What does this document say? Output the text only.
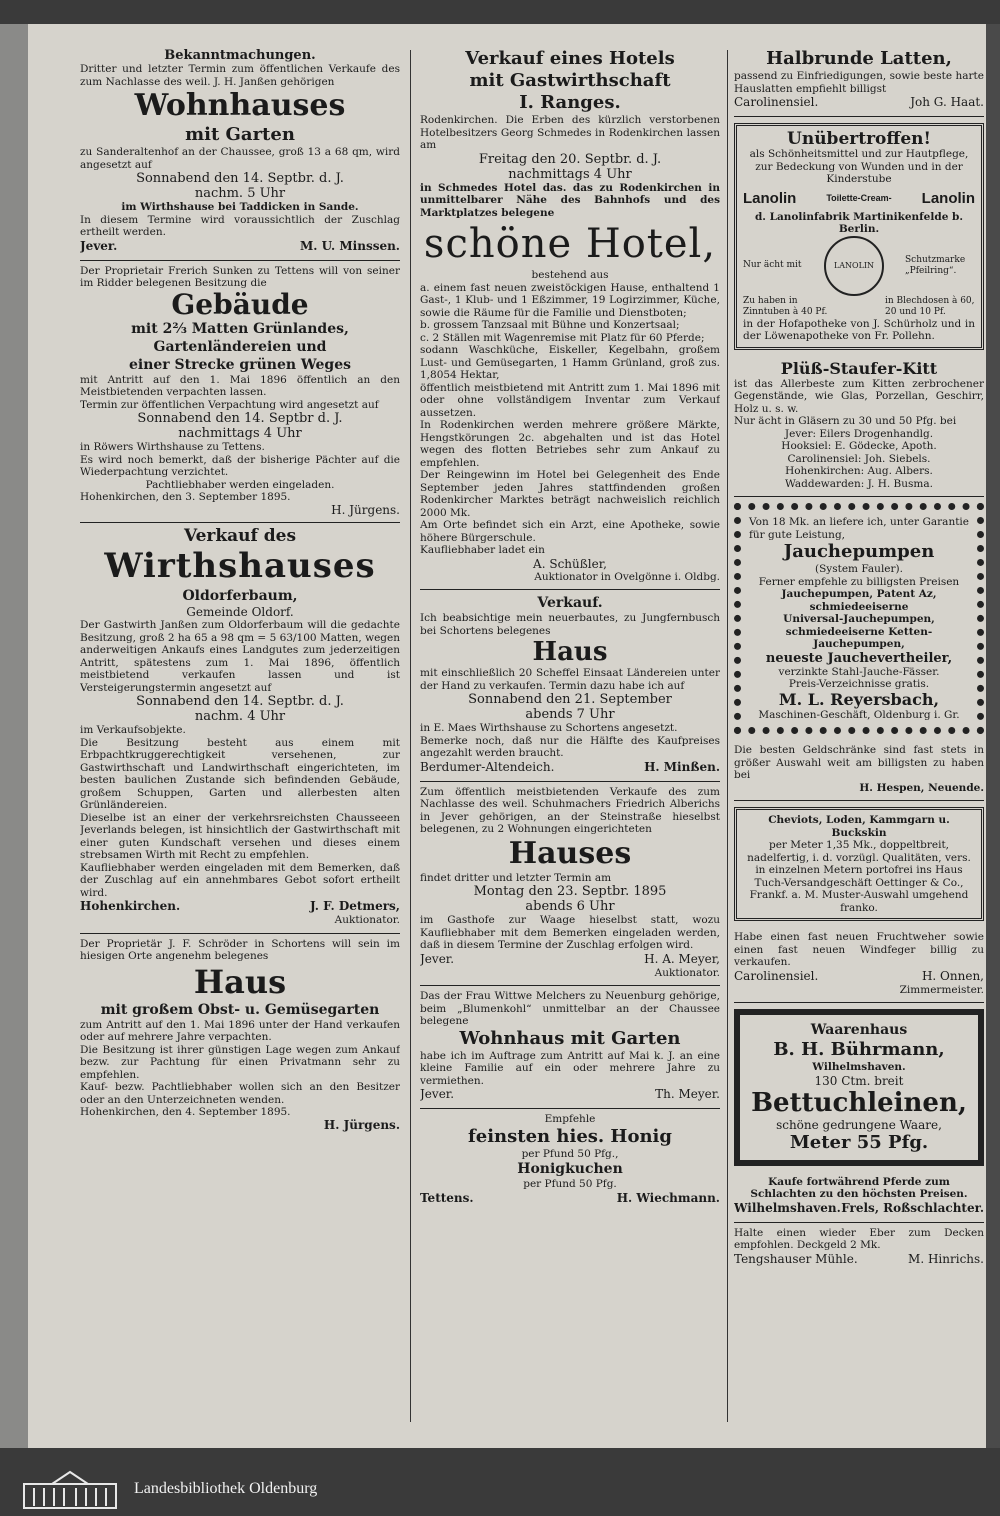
Bekanntmachungen.
Dritter und letzter Termin zum öffentlichen Verkaufe des zum Nachlasse des weil. J. H. Janßen gehörigen
Wohnhauses
mit Garten
zu Sanderaltenhof an der Chaussee, groß 13 a 68 qm, wird angesetzt auf
Sonnabend den 14. Septbr. d. J.
nachm. 5 Uhr
im Wirthshause bei Taddicken in Sande.
In diesem Termine wird voraussichtlich der Zuschlag ertheilt werden.
Jever.	M. U. Minssen.
Der Proprietair Frerich Sunken zu Tettens will von seiner im Ridder belegenen Besitzung die
Gebäude
mit 2⅔ Matten Grünlandes,
Gartenländereien und
einer Strecke grünen Weges
mit Antritt auf den 1. Mai 1896 öffentlich an den Meistbietenden verpachten lassen.
Termin zur öffentlichen Verpachtung wird angesetzt auf
Sonnabend den 14. Septbr d. J.
nachmittags 4 Uhr
in Röwers Wirthshause zu Tettens.
Es wird noch bemerkt, daß der bisherige Pächter auf die Wiederpachtung verzichtet.
Pachtliebhaber werden eingeladen.
Hohenkirchen, den 3. September 1895.
H. Jürgens.
Verkauf des
Wirthshauses
Oldorferbaum,
Gemeinde Oldorf.
Der Gastwirth Janßen zum Oldorferbaum will die gedachte Besitzung, groß 2 ha 65 a 98 qm = 5 63/100 Matten, wegen anderweitigen Ankaufs eines Landgutes zum jederzeitigen Antritt, spätestens zum 1. Mai 1896, öffentlich meistbietend verkaufen lassen und ist Versteigerungstermin angesetzt auf
Sonnabend den 14. Septbr. d. J.
nachm. 4 Uhr
im Verkaufsobjekte.
Die Besitzung besteht aus einem mit Erbpachtkruggerechtigkeit versehenen, zur Gastwirthschaft und Landwirthschaft eingerichteten, im besten baulichen Zustande sich befindenden Gebäude, großem Schuppen, Garten und allerbesten alten Grünländereien.
Dieselbe ist an einer der verkehrsreichsten Chausseeen Jeverlands belegen, ist hinsichtlich der Gastwirthschaft mit einer guten Kundschaft versehen und dieses einem strebsamen Wirth mit Recht zu empfehlen.
Kaufliebhaber werden eingeladen mit dem Bemerken, daß der Zuschlag auf ein annehmbares Gebot sofort ertheilt wird.
Hohenkirchen.	J. F. Detmers,
Auktionator.
Der Proprietär J. F. Schröder in Schortens will sein im hiesigen Orte angenehm belegenes
Haus
mit großem Obst- u. Gemüsegarten
zum Antritt auf den 1. Mai 1896 unter der Hand verkaufen oder auf mehrere Jahre verpachten.
Die Besitzung ist ihrer günstigen Lage wegen zum Ankauf bezw. zur Pachtung für einen Privatmann sehr zu empfehlen.
Kauf- bezw. Pachtliebhaber wollen sich an den Besitzer oder an den Unterzeichneten wenden.
Hohenkirchen, den 4. September 1895.
H. Jürgens.
Verkauf eines Hotels
mit Gastwirthschaft
I. Ranges.
Rodenkirchen. Die Erben des kürzlich verstorbenen Hotelbesitzers Georg Schmedes in Rodenkirchen lassen am
Freitag den 20. Septbr. d. J.
nachmittags 4 Uhr
in Schmedes Hotel das. das zu Rodenkirchen in unmittelbarer Nähe des Bahnhofs und des Marktplatzes belegene
schöne Hotel,
bestehend aus
a. einem fast neuen zweistöckigen Hause, enthaltend 1 Gast-, 1 Klub- und 1 Eßzimmer, 19 Logirzimmer, Küche, sowie die Räume für die Familie und Dienstboten;
b. grossem Tanzsaal mit Bühne und Konzertsaal;
c. 2 Ställen mit Wagenremise mit Platz für 60 Pferde;
sodann Waschküche, Eiskeller, Kegelbahn, großem Lust- und Gemüsegarten, 1 Hamm Grünland, groß zus. 1,8054 Hektar,
öffentlich meistbietend mit Antritt zum 1. Mai 1896 mit oder ohne vollständigem Inventar zum Verkauf aussetzen.
In Rodenkirchen werden mehrere größere Märkte, Hengstkörungen 2c. abgehalten und ist das Hotel wegen des flotten Betriebes sehr zum Ankauf zu empfehlen.
Der Reingewinn im Hotel bei Gelegenheit des Ende September jeden Jahres stattfindenden großen Rodenkircher Marktes beträgt nachweislich reichlich 2000 Mk.
Am Orte befindet sich ein Arzt, eine Apotheke, sowie höhere Bürgerschule.
Kaufliebhaber ladet ein
A. Schüßler,
Auktionator in Ovelgönne i. Oldbg.
Verkauf.
Ich beabsichtige mein neuerbautes, zu Jungfernbusch bei Schortens belegenes
Haus
mit einschließlich 20 Scheffel Einsaat Ländereien unter der Hand zu verkaufen. Termin dazu habe ich auf
Sonnabend den 21. September
abends 7 Uhr
in E. Maes Wirthshause zu Schortens angesetzt.
Bemerke noch, daß nur die Hälfte des Kaufpreises angezahlt werden braucht.
Berdumer-Altendeich.	H. Minßen.
Zum öffentlich meistbietenden Verkaufe des zum Nachlasse des weil. Schuhmachers Friedrich Alberichs in Jever gehörigen, an der Steinstraße hieselbst belegenen, zu 2 Wohnungen eingerichteten
Hauses
findet dritter und letzter Termin am
Montag den 23. Septbr. 1895
abends 6 Uhr
im Gasthofe zur Waage hieselbst statt, wozu Kaufliebhaber mit dem Bemerken eingeladen werden, daß in diesem Termine der Zuschlag erfolgen wird.
Jever.	H. A. Meyer,
Auktionator.
Das der Frau Wittwe Melchers zu Neuenburg gehörige, beim „Blumenkohl“ unmittelbar an der Chaussee belegene
Wohnhaus mit Garten
habe ich im Auftrage zum Antritt auf Mai k. J. an eine kleine Familie auf ein oder mehrere Jahre zu vermiethen.
Jever.	Th. Meyer.
Empfehle
feinsten hies. Honig
per Pfund 50 Pfg.,
Honigkuchen
per Pfund 50 Pfg.
Tettens.	H. Wiechmann.
Halbrunde Latten,
passend zu Einfriedigungen, sowie beste harte Hauslatten empfiehlt billigst
Carolinensiel.	Joh G. Haat.
Unübertroffen!
als Schönheitsmittel und zur Hautpflege, zur Bedeckung von Wunden und in der Kinderstube
Lanolin	Toilette-Cream- Lanolin
d. Lanolinfabrik Martinikenfelde b. Berlin.
Nur ächt mit	LANOLIN
Schutzmarke „Pfeilring“.
Zu haben in Zinntuben à 40 Pf.
in Blechdosen à 60, 20 und 10 Pf.
in der Hofapotheke von J. Schürholz und in der Löwenapotheke von Fr. Pollehn.
Plüß-Staufer-Kitt
ist das Allerbeste zum Kitten zerbrochener Gegenstände, wie Glas, Porzellan, Geschirr, Holz u. s. w.
Nur ächt in Gläsern zu 30 und 50 Pfg. bei
Jever: Eilers Drogenhandlg.
Hooksiel: E. Gödecke, Apoth.
Carolinensiel: Joh. Siebels.
Hohenkirchen: Aug. Albers.
Waddewarden: J. H. Busma.
Von 18 Mk. an liefere ich, unter Garantie für gute Leistung,
Jauchepumpen
(System Fauler).
Ferner empfehle zu billigsten Preisen
Jauchepumpen, Patent Az,
schmiedeeiserne
Universal-Jauchepumpen,
schmiedeeiserne Ketten-Jauchepumpen,
neueste Jauchevertheiler,
verzinkte Stahl-Jauche-Fässer.
Preis-Verzeichnisse gratis.
M. L. Reyersbach,
Maschinen-Geschäft, Oldenburg i. Gr.
Die besten Geldschränke sind fast stets in größer Auswahl weit am billigsten zu haben bei
H. Hespen, Neuende.
Cheviots, Loden, Kammgarn u. Buckskin
per Meter 1,35 Mk., doppeltbreit, nadelfertig, i. d. vorzügl. Qualitäten, vers. in einzelnen Metern portofrei ins Haus Tuch-Versandgeschäft Oettinger & Co., Frankf. a. M. Muster-Auswahl umgehend franko.
Habe einen fast neuen Fruchtweher sowie einen fast neuen Windfeger billig zu verkaufen.
Carolinensiel.	H. Onnen,
Zimmermeister.
Waarenhaus
B. H. Bührmann,
Wilhelmshaven.
130 Ctm. breit
Bettuchleinen,
schöne gedrungene Waare,
Meter 55 Pfg.
Kaufe fortwährend Pferde zum Schlachten zu den höchsten Preisen.
Wilhelmshaven. Frels, Roßschlachter.
Halte einen wieder Eber zum Decken empfohlen. Deckgeld 2 Mk.
Tengshauser Mühle.	M. Hinrichs.
Landesbibliothek Oldenburg
